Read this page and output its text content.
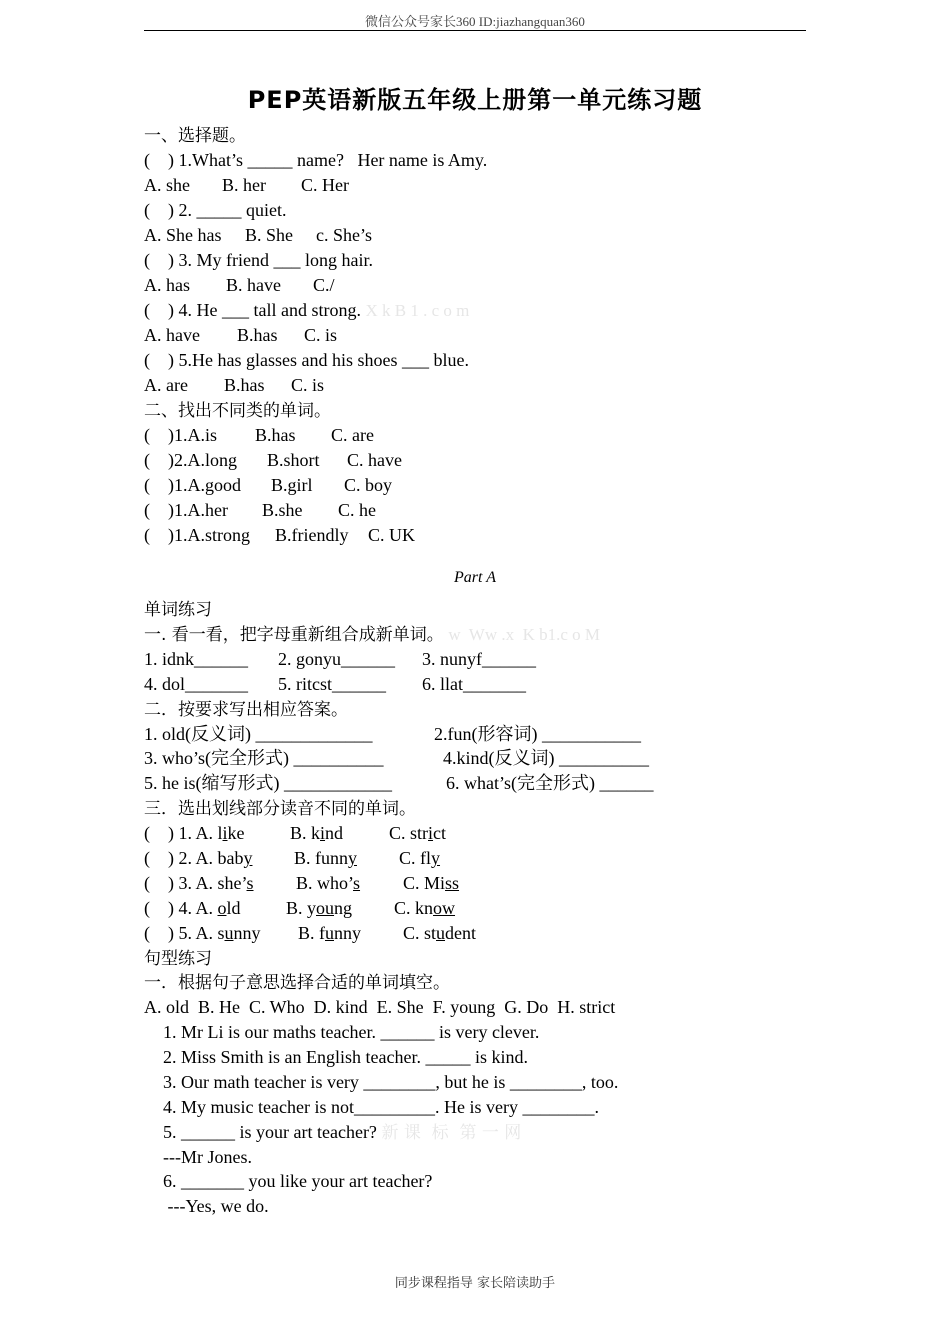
微信公众号家长360 ID:jiazhangquan360
PEP英语新版五年级上册第一单元练习题
一、选择题。
(    ) 1.What’s _____ name?   Her name is Amy.
A. she B. her C. Her
(    ) 2. _____ quiet.
A. She has B. She c. She’s
(    ) 3. My friend ___ long hair.
A. has B. have C./
(    ) 4. He ___ tall and strong. X k B 1 . c o m
A. have B.has C. is
(    ) 5.He has glasses and his shoes ___ blue.
A. are B.has C. is
二、找出不同类的单词。
(    )1.A.is B.has C. are
(    )2.A.long B.short C. have
(    )1.A.good B.girl C. boy
(    )1.A.her B.she C. he
(    )1.A.strong B.friendly C. UK
Part A
单词练习
一. 看一看，把字母重新组合成新单词。 w  Ww .x  K b1.c o M
1. idnk______ 2. gonyu______ 3. nunyf______
4. dol_______ 5. ritcst______ 6. llat_______
二．按要求写出相应答案。
1. old(反义词) _____________	2.fun(形容词) ___________
3. who’s(完全形式) __________	4.kind(反义词) __________
5. he is(缩写形式) ____________	6. what’s(完全形式) ______
三．选出划线部分读音不同的单词。
(    ) 1. A. like	B. kind	C. strict
(    ) 2. A. baby B. funny C. fly
(    ) 3. A. she’s B. who’s C. Miss
(    ) 4. A. old	B. young C. know
(    ) 5. A. sunny B. funny C. student
句型练习
一．根据句子意思选择合适的单词填空。
A. old  B. He  C. Who  D. kind  E. She  F. young  G. Do  H. strict
1. Mr Li is our maths teacher. ______ is very clever.
2. Miss Smith is an English teacher. _____ is kind.
3. Our math teacher is very ________, but he is ________, too.
4. My music teacher is not_________. He is very ________.
5. ______ is your art teacher? 新 课  标  第 一 网
---Mr Jones.
6. _______ you like your art teacher?
---Yes, we do.
同步课程指导 家长陪读助手
